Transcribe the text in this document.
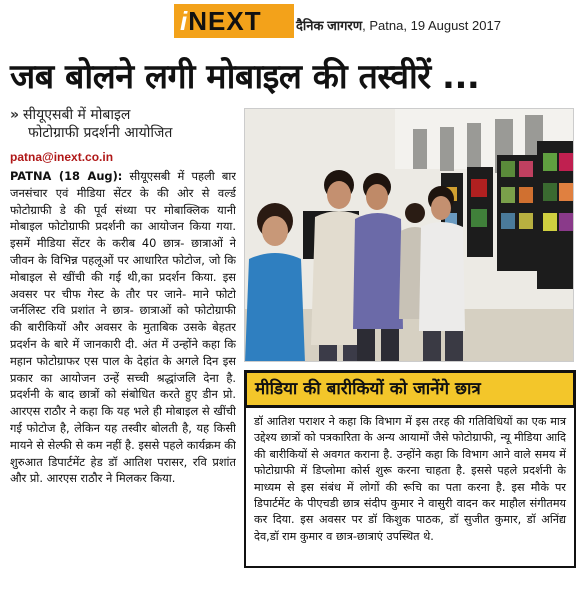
iNEXT	दैनिक जागरण, Patna, 19 August 2017
जब बोलने लगी मोबाइल की तस्वीरें ...
» सीयूएसबी में मोबाइल
फोटोग्राफी प्रदर्शनी आयोजित
patna@inext.co.in
PATNA (18 Aug): सीयूएसबी में पहली बार जनसंचार एवं मीडिया सेंटर के की ओर से वर्ल्ड फोटोग्राफी डे की पूर्व संध्या पर मोबाक्लिक यानी मोबाइल फोटोग्राफी प्रदर्शनी का आयोजन किया गया. इसमें मीडिया सेंटर के करीब 40 छात्र- छात्राओं ने जीवन के विभिन्न पहलूओं पर आधारित फोटोज, जो कि मोबाइल से खींची की गई थी,का प्रदर्शन किया. इस अवसर पर चीफ गेस्ट के तौर पर जाने- माने फोटो जर्नलिस्ट रवि प्रशांत ने छात्र- छात्राओं को फोटोग्राफी की बारीकियों और अवसर के मुताबिक उसके बेहतर प्रदर्शन के बारे में जानकारी दी. अंत में उन्होंने कहा कि महान फोटोग्राफर एस पाल के देहांत के अगले दिन इस प्रकार का आयोजन उन्हें सच्ची श्रद्धांजलि देना है. प्रदर्शनी के बाद छात्रों को संबोधित करते हुए डीन प्रो. आरएस राठौर ने कहा कि यह भले ही मोबाइल से खींची गई फोटोज है, लेकिन यह तस्वीर बोलती है, यह किसी मायने से सेल्फी से कम नहीं है. इससे पहले कार्यक्रम की शुरुआत डिपार्टमेंट हेड डॉ आतिश परासर, रवि प्रशांत और प्रो. आरएस राठौर ने मिलकर किया.
मीडिया की बारीकियों को जानेंगे छात्र
डॉ आतिश पराशर ने कहा कि विभाग में इस तरह की गतिविधियों का एक मात्र उद्देश्य छात्रों को पत्रकारिता के अन्य आयामों जैसे फोटोग्राफी, न्यू मीडिया आदि की बारीकियों से अवगत कराना है. उन्होंने कहा कि विभाग आने वाले समय में फोटोग्राफी में डिप्लोमा कोर्स शुरू करना चाहता है. इससे पहले प्रदर्शनी के माध्यम से इस संबंध में लोगों की रूचि का पता करना है. इस मौके पर डिपार्टमेंट के पीएचडी छात्र संदीप कुमार ने वासुरी वादन कर माहौल संगीतमय कर दिया. इस अवसर पर डॉ किशुक पाठक, डॉ सुजीत कुमार, डॉ अनिंद्य देव,डॉ राम कुमार व छात्र-छात्राएं उपस्थित थे.
